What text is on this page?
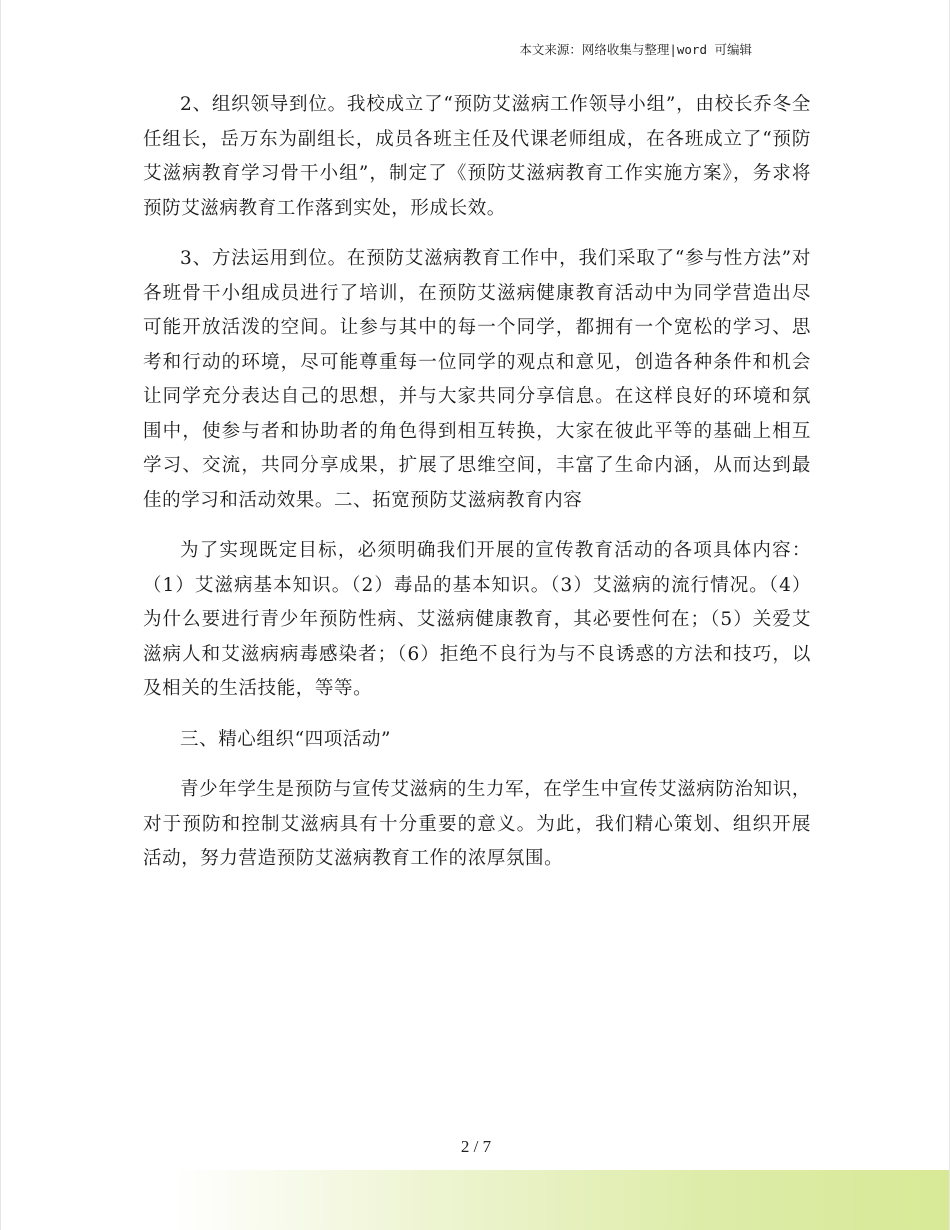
本文来源：网络收集与整理|word 可编辑

2、组织领导到位。我校成立了“预防艾滋病工作领导小组”，由校长乔冬全任组长，岳万东为副组长，成员各班主任及代课老师组成，在各班成立了“预防艾滋病教育学习骨干小组”，制定了《预防艾滋病教育工作实施方案》，务求将预防艾滋病教育工作落到实处，形成长效。

3、方法运用到位。在预防艾滋病教育工作中，我们采取了“参与性方法”对各班骨干小组成员进行了培训，在预防艾滋病健康教育活动中为同学营造出尽可能开放活泼的空间。让参与其中的每一个同学，都拥有一个宽松的学习、思考和行动的环境，尽可能尊重每一位同学的观点和意见，创造各种条件和机会让同学充分表达自己的思想，并与大家共同分享信息。在这样良好的环境和氛围中，使参与者和协助者的角色得到相互转换，大家在彼此平等的基础上相互学习、交流，共同分享成果，扩展了思维空间，丰富了生命内涵，从而达到最佳的学习和活动效果。二、拓宽预防艾滋病教育内容

为了实现既定目标，必须明确我们开展的宣传教育活动的各项具体内容：（1）艾滋病基本知识。（2）毒品的基本知识。（3）艾滋病的流行情况。（4）为什么要进行青少年预防性病、艾滋病健康教育，其必要性何在；（5）关爱艾滋病人和艾滋病病毒感染者；（6）拒绝不良行为与不良诱惑的方法和技巧，以及相关的生活技能，等等。

三、精心组织“四项活动”

青少年学生是预防与宣传艾滋病的生力军，在学生中宣传艾滋病防治知识，对于预防和控制艾滋病具有十分重要的意义。为此，我们精心策划、组织开展活动，努力营造预防艾滋病教育工作的浓厚氛围。

2 / 7
